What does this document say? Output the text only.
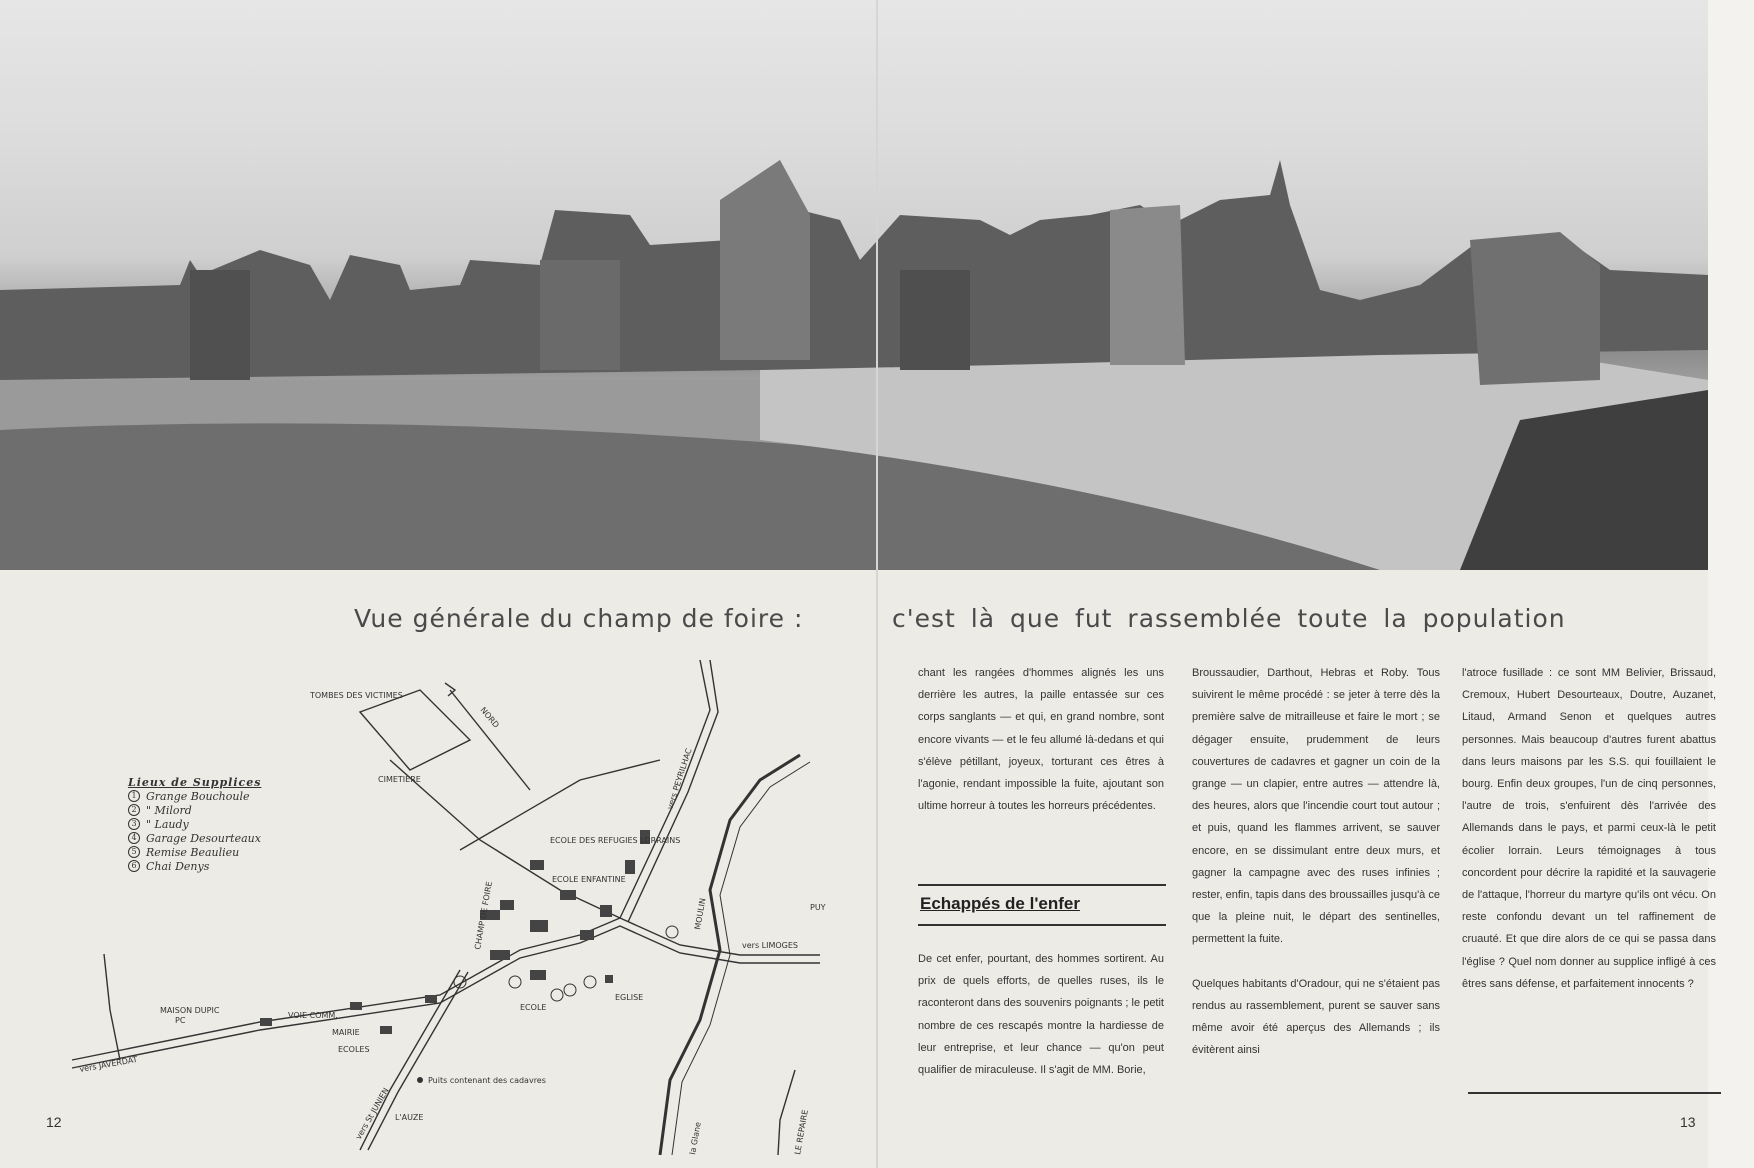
Vue générale du champ de foire :	c'est là que fut rassemblée toute la population
TOMBES DES VICTIMES
CIMETIERE
NORD
ECOLE DES REFUGIES LORRAINS
ECOLE ENFANTINE
CHAMP DE FOIRE
vers PEYRILHAC
MAISON DUPIC
PC
VOIE COMM.
MAIRIE
ECOLES
ECOLE
EGLISE
MOULIN
vers LIMOGES
PUY
vers JAVERDAT
vers St JUNIEN
Puits contenant des cadavres
L'AUZE
la Glane	LE REPAIRE
Lieux de Supplices
1 Grange Bouchoule
2 " Milord
3 " Laudy
4 Garage Desourteaux
5 Remise Beaulieu
6 Chai Denys

chant les rangées d'hommes alignés les uns derrière les autres, la paille entassée sur ces corps sanglants — et qui, en grand nombre, sont encore vivants — et le feu allumé là-dedans et qui s'élève pétillant, joyeux, torturant ces êtres à l'agonie, rendant impossible la fuite, ajoutant son ultime horreur à toutes les horreurs précédentes.

Echappés de l'enfer

De cet enfer, pourtant, des hommes sortirent. Au prix de quels efforts, de quelles ruses, ils le raconteront dans des souvenirs poignants ; le petit nombre de ces rescapés montre la hardiesse de leur entreprise, et leur chance — qu'on peut qualifier de miraculeuse. Il s'agit de MM. Borie,

Broussaudier, Darthout, Hebras et Roby. Tous suivirent le même procédé : se jeter à terre dès la première salve de mitrailleuse et faire le mort ; se dégager ensuite, prudemment de leurs couvertures de cadavres et gagner un coin de la grange — un clapier, entre autres — attendre là, des heures, alors que l'incendie court tout autour ; et puis, quand les flammes arrivent, se sauver encore, en se dissimulant entre deux murs, et gagner la campagne avec des ruses infinies ; rester, enfin, tapis dans des broussailles jusqu'à ce que la pleine nuit, le départ des sentinelles, permettent la fuite.

Quelques habitants d'Oradour, qui ne s'étaient pas rendus au rassemblement, purent se sauver sans même avoir été aperçus des Allemands ; ils évitèrent ainsi

l'atroce fusillade : ce sont MM Belivier, Brissaud, Cremoux, Hubert Desourteaux, Doutre, Auzanet, Litaud, Armand Senon et quelques autres personnes. Mais beaucoup d'autres furent abattus dans leurs maisons par les S.S. qui fouillaient le bourg. Enfin deux groupes, l'un de cinq personnes, l'autre de trois, s'enfuirent dès l'arrivée des Allemands dans le pays, et parmi ceux-là le petit écolier lorrain. Leurs témoignages à tous concordent pour décrire la rapidité et la sauvagerie de l'attaque, l'horreur du martyre qu'ils ont vécu. On reste confondu devant un tel raffinement de cruauté. Et que dire alors de ce qui se passa dans l'église ? Quel nom donner au supplice infligé à ces êtres sans défense, et parfaitement innocents ?

12	13
